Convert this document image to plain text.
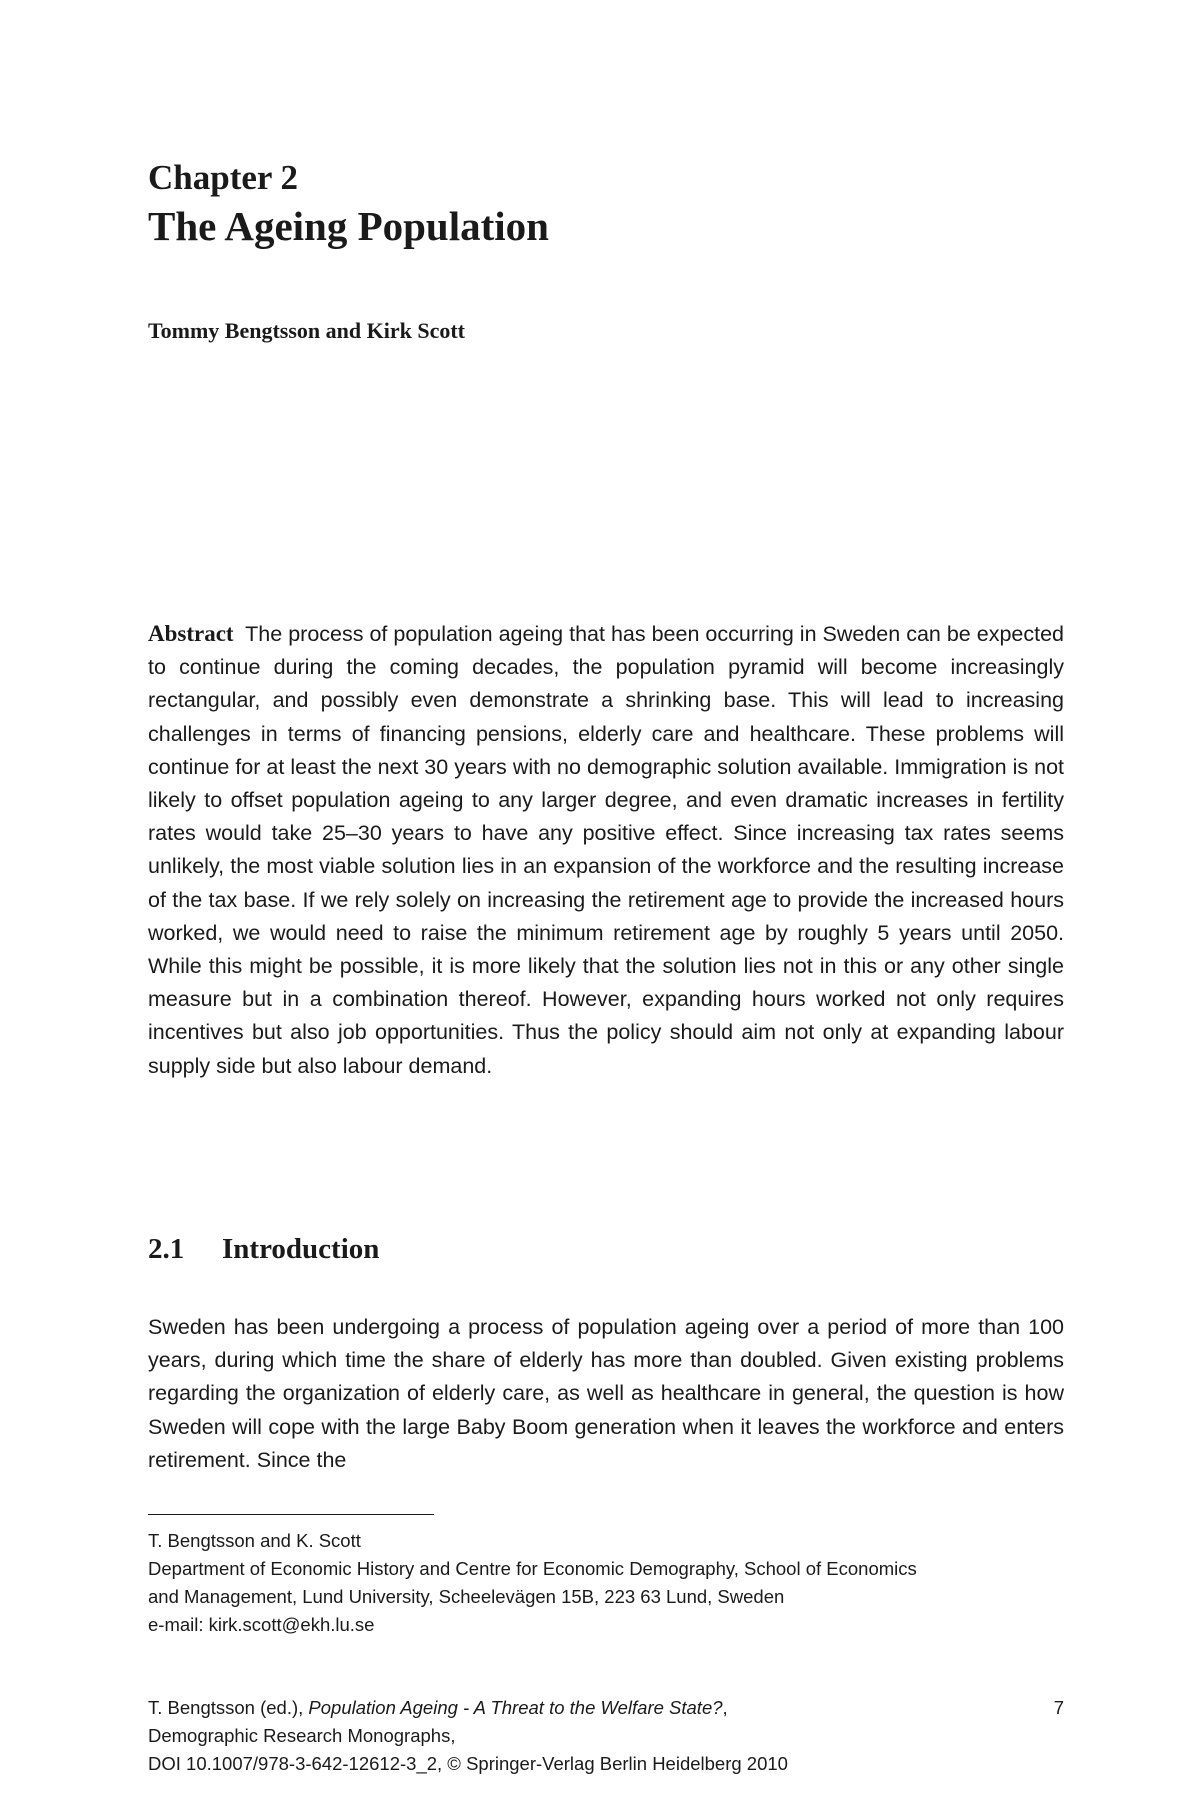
Chapter 2
The Ageing Population

Tommy Bengtsson and Kirk Scott

Abstract The process of population ageing that has been occurring in Sweden can be expected to continue during the coming decades, the population pyramid will become increasingly rectangular, and possibly even demonstrate a shrinking base. This will lead to increasing challenges in terms of financing pensions, elderly care and healthcare. These problems will continue for at least the next 30 years with no demographic solution available. Immigration is not likely to offset population ageing to any larger degree, and even dramatic increases in fertility rates would take 25–30 years to have any positive effect. Since increasing tax rates seems unlikely, the most viable solution lies in an expansion of the workforce and the resulting increase of the tax base. If we rely solely on increasing the retirement age to provide the increased hours worked, we would need to raise the minimum retirement age by roughly 5 years until 2050. While this might be possible, it is more likely that the solution lies not in this or any other single measure but in a combination thereof. However, expanding hours worked not only requires incentives but also job opportunities. Thus the policy should aim not only at expanding labour supply side but also labour demand.

2.1 Introduction

Sweden has been undergoing a process of population ageing over a period of more than 100 years, during which time the share of elderly has more than doubled. Given existing problems regarding the organization of elderly care, as well as healthcare in general, the question is how Sweden will cope with the large Baby Boom generation when it leaves the workforce and enters retirement. Since the

T. Bengtsson and K. Scott
Department of Economic History and Centre for Economic Demography, School of Economics
and Management, Lund University, Scheelevägen 15B, 223 63 Lund, Sweden
e-mail: kirk.scott@ekh.lu.se
7
T. Bengtsson (ed.), Population Ageing - A Threat to the Welfare State?,
Demographic Research Monographs,
DOI 10.1007/978-3-642-12612-3_2, © Springer-Verlag Berlin Heidelberg 2010
